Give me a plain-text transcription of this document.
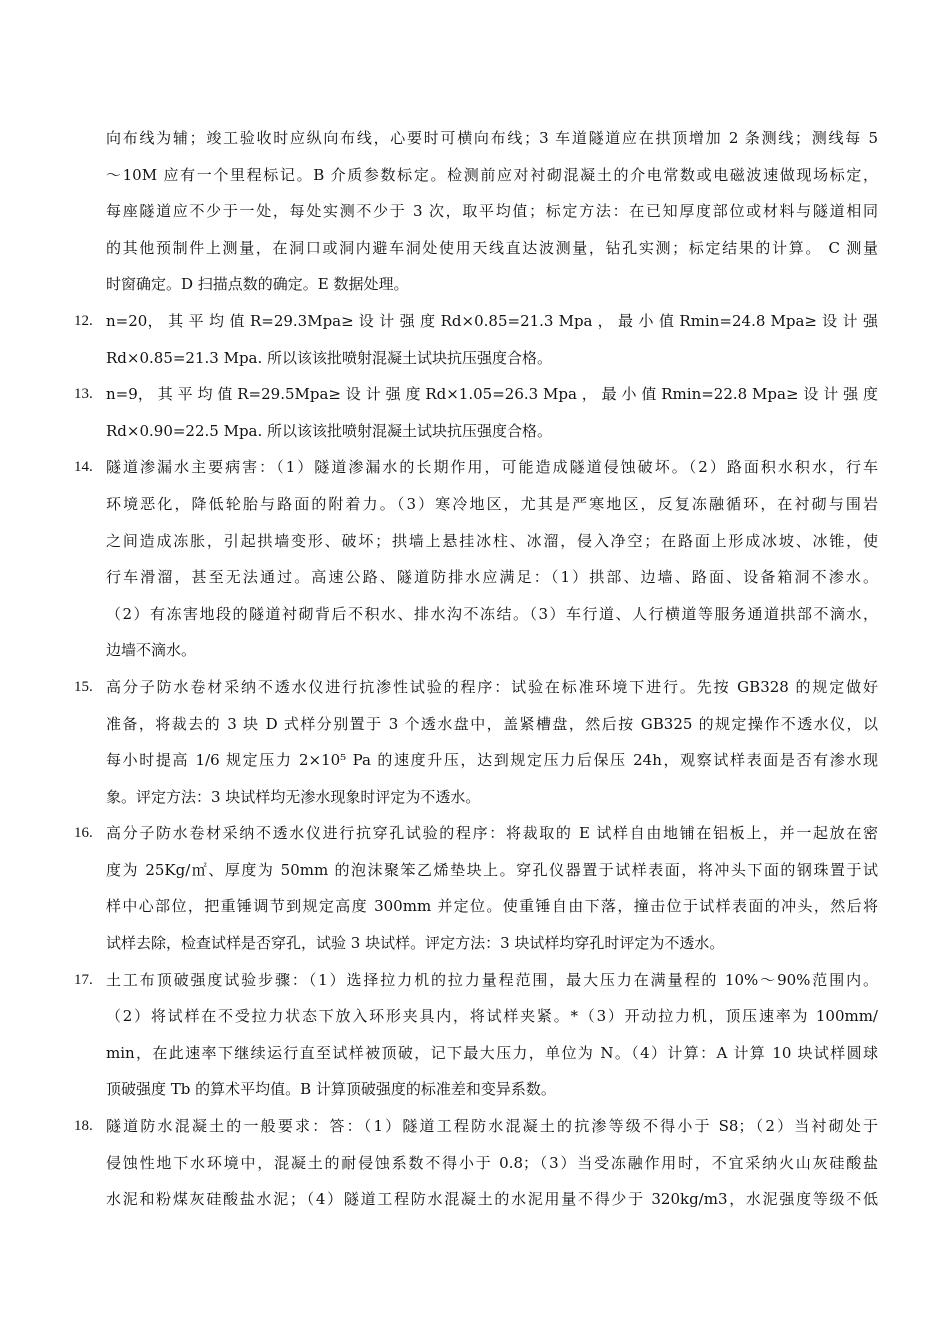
向布线为辅；竣工验收时应纵向布线，心要时可横向布线；3 车道隧道应在拱顶增加 2 条测线；测线每 5
～10M 应有一个里程标记。B 介质参数标定。检测前应对衬砌混凝土的介电常数或电磁波速做现场标定，
每座隧道应不少于一处，每处实测不少于 3 次，取平均值；标定方法：在已知厚度部位或材料与隧道相同
的其他预制件上测量，在洞口或洞内避车洞处使用天线直达波测量，钻孔实测；标定结果的计算。 C 测量
时窗确定。D 扫描点数的确定。E 数据处理。
12. n=20， 其 平 均 值 R=29.3Mpa≥ 设 计 强 度 Rd×0.85=21.3 Mpa ， 最 小 值 Rmin=24.8 Mpa≥ 设 计 强
Rd×0.85=21.3 Mpa. 所以该该批喷射混凝土试块抗压强度合格。
13. n=9， 其 平 均 值 R=29.5Mpa≥ 设 计 强 度 Rd×1.05=26.3 Mpa ， 最 小 值 Rmin=22.8 Mpa≥ 设 计 强 度
Rd×0.90=22.5 Mpa. 所以该该批喷射混凝土试块抗压强度合格。
14. 隧道渗漏水主要病害：（1）隧道渗漏水的长期作用，可能造成隧道侵蚀破坏。（2）路面积水积水，行车
环境恶化，降低轮胎与路面的附着力。（3）寒冷地区，尤其是严寒地区，反复冻融循环，在衬砌与围岩
之间造成冻胀，引起拱墙变形、破坏；拱墙上悬挂冰柱、冰溜，侵入净空；在路面上形成冰坡、冰锥，使
行车滑溜，甚至无法通过。高速公路、隧道防排水应满足：（1）拱部、边墙、路面、设备箱洞不渗水。
（2）有冻害地段的隧道衬砌背后不积水、排水沟不冻结。（3）车行道、人行横道等服务通道拱部不滴水，
边墙不滴水。
15. 高分子防水卷材采纳不透水仪进行抗渗性试验的程序：试验在标准环境下进行。先按 GB328 的规定做好
准备，将裁去的 3 块 D 式样分别置于 3 个透水盘中，盖紧槽盘，然后按 GB325 的规定操作不透水仪，以
每小时提高 1/6 规定压力 2×10⁵ Pa 的速度升压，达到规定压力后保压 24h，观察试样表面是否有渗水现
象。评定方法：3 块试样均无渗水现象时评定为不透水。
16. 高分子防水卷材采纳不透水仪进行抗穿孔试验的程序：将裁取的 E 试样自由地铺在铝板上，并一起放在密
度为 25Kg/㎡、厚度为 50mm 的泡沫聚笨乙烯垫块上。穿孔仪器置于试样表面，将冲头下面的钢珠置于试
样中心部位，把重锤调节到规定高度 300mm 并定位。使重锤自由下落，撞击位于试样表面的冲头，然后将
试样去除，检查试样是否穿孔，试验 3 块试样。评定方法：3 块试样均穿孔时评定为不透水。
17. 土工布顶破强度试验步骤：（1）选择拉力机的拉力量程范围，最大压力在满量程的 10%～90%范围内。
（2）将试样在不受拉力状态下放入环形夹具内，将试样夹紧。*（3）开动拉力机，顶压速率为 100mm/
min，在此速率下继续运行直至试样被顶破，记下最大压力，单位为 N。（4）计算：A 计算 10 块试样圆球
顶破强度 Tb 的算术平均值。B 计算顶破强度的标准差和变异系数。
18. 隧道防水混凝土的一般要求：答：（1）隧道工程防水混凝土的抗渗等级不得小于 S8；（2）当衬砌处于
侵蚀性地下水环境中，混凝土的耐侵蚀系数不得小于 0.8；（3）当受冻融作用时，不宜采纳火山灰硅酸盐
水泥和粉煤灰硅酸盐水泥；（4）隧道工程防水混凝土的水泥用量不得少于 320kg/m3，水泥强度等级不低
